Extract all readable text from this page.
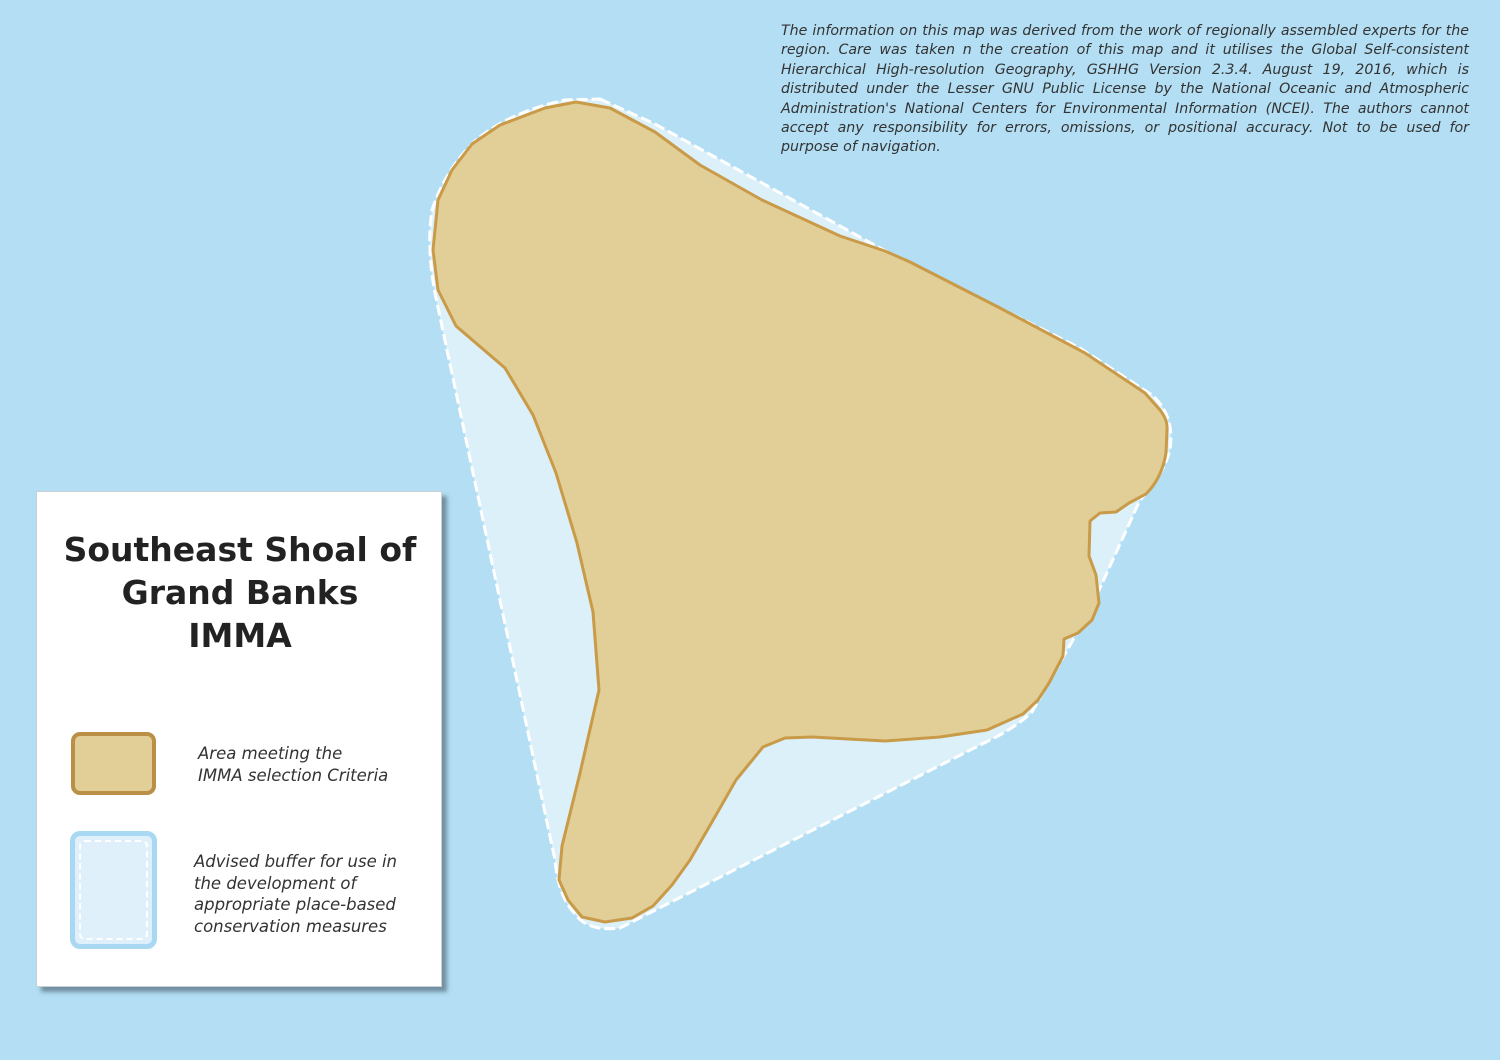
The information on this map was derived from the work of regionally assembled experts for the region. Care was taken n the creation of this map and it utilises the Global Self-consistent Hierarchical High-resolution Geography, GSHHG Version 2.3.4. August 19, 2016, which is distributed under the Lesser GNU Public License by the National Oceanic and Atmospheric Administration's National Centers for Environmental Information (NCEI). The authors cannot accept any responsibility for errors, omissions, or positional accuracy. Not to be used for purpose of navigation.

Southeast Shoal of
Grand Banks
IMMA

Area meeting the
IMMA selection Criteria

Advised buffer for use in
the development of
appropriate place-based
conservation measures
